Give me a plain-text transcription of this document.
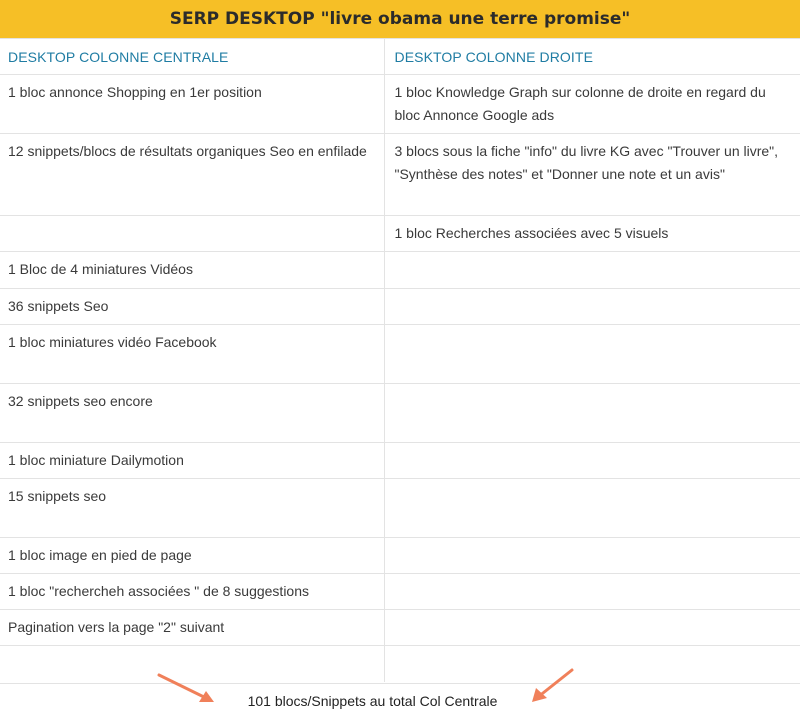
SERP DESKTOP "livre obama une terre promise"
DESKTOP COLONNE CENTRALE	DESKTOP COLONNE DROITE
1 bloc annonce Shopping en 1er position	1 bloc Knowledge Graph sur colonne de droite en regard du bloc Annonce Google ads
12 snippets/blocs de résultats organiques Seo en enfilade	3 blocs sous la fiche "info" du livre KG avec "Trouver un livre", "Synthèse des notes" et "Donner une note et un avis"
	1 bloc Recherches associées avec 5 visuels
1 Bloc de 4 miniatures Vidéos	
36 snippets Seo	
1 bloc miniatures vidéo Facebook	
32 snippets seo encore	
1 bloc miniature Dailymotion	
15 snippets seo	
1 bloc image en pied de page	
1 bloc "rechercheh associées " de 8 suggestions	
Pagination vers la page "2" suivant	

101 blocs/Snippets au total Col Centrale
